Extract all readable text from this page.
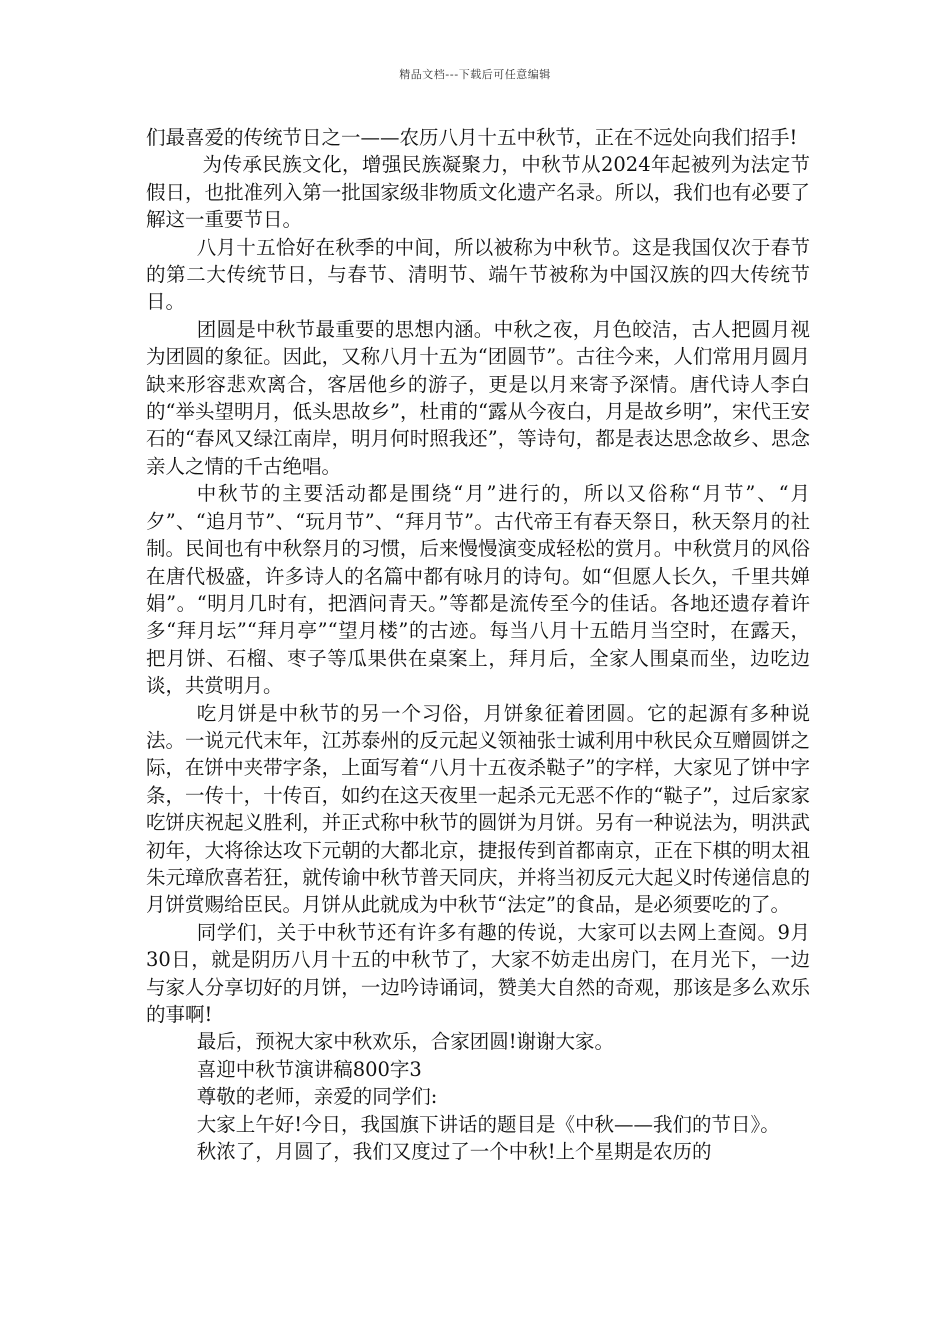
精品文档---下载后可任意编辑

们最喜爱的传统节日之一——农历八月十五中秋节，正在不远处向我们招手!

为传承民族文化，增强民族凝聚力，中秋节从2024年起被列为法定节假日，也批准列入第一批国家级非物质文化遗产名录。所以，我们也有必要了解这一重要节日。

八月十五恰好在秋季的中间，所以被称为中秋节。这是我国仅次于春节的第二大传统节日，与春节、清明节、端午节被称为中国汉族的四大传统节日。

团圆是中秋节最重要的思想内涵。中秋之夜，月色皎洁，古人把圆月视为团圆的象征。因此，又称八月十五为“团圆节”。古往今来，人们常用月圆月缺来形容悲欢离合，客居他乡的游子，更是以月来寄予深情。唐代诗人李白的“举头望明月，低头思故乡”，杜甫的“露从今夜白，月是故乡明”，宋代王安石的“春风又绿江南岸，明月何时照我还”，等诗句，都是表达思念故乡、思念亲人之情的千古绝唱。

中秋节的主要活动都是围绕“月”进行的，所以又俗称“月节”、“月夕”、“追月节”、“玩月节”、“拜月节”。古代帝王有春天祭日，秋天祭月的社制。民间也有中秋祭月的习惯，后来慢慢演变成轻松的赏月。中秋赏月的风俗在唐代极盛，许多诗人的名篇中都有咏月的诗句。如“但愿人长久，千里共婵娟”。“明月几时有，把酒问青天。”等都是流传至今的佳话。各地还遗存着许多“拜月坛”“拜月亭”“望月楼”的古迹。每当八月十五皓月当空时，在露天，把月饼、石榴、枣子等瓜果供在桌案上，拜月后，全家人围桌而坐，边吃边谈，共赏明月。

吃月饼是中秋节的另一个习俗，月饼象征着团圆。它的起源有多种说法。一说元代末年，江苏泰州的反元起义领袖张士诚利用中秋民众互赠圆饼之际，在饼中夹带字条，上面写着“八月十五夜杀鞑子”的字样，大家见了饼中字条，一传十，十传百，如约在这天夜里一起杀元无恶不作的“鞑子”，过后家家吃饼庆祝起义胜利，并正式称中秋节的圆饼为月饼。另有一种说法为，明洪武初年，大将徐达攻下元朝的大都北京，捷报传到首都南京，正在下棋的明太祖朱元璋欣喜若狂，就传谕中秋节普天同庆，并将当初反元大起义时传递信息的月饼赏赐给臣民。月饼从此就成为中秋节“法定”的食品，是必须要吃的了。

同学们，关于中秋节还有许多有趣的传说，大家可以去网上查阅。9月30日，就是阴历八月十五的中秋节了，大家不妨走出房门，在月光下，一边与家人分享切好的月饼，一边吟诗诵词，赞美大自然的奇观，那该是多么欢乐的事啊!

最后，预祝大家中秋欢乐，合家团圆!谢谢大家。

喜迎中秋节演讲稿800字3

尊敬的老师，亲爱的同学们:

大家上午好!今日，我国旗下讲话的题目是《中秋——我们的节日》。

秋浓了，月圆了，我们又度过了一个中秋!上个星期是农历的
